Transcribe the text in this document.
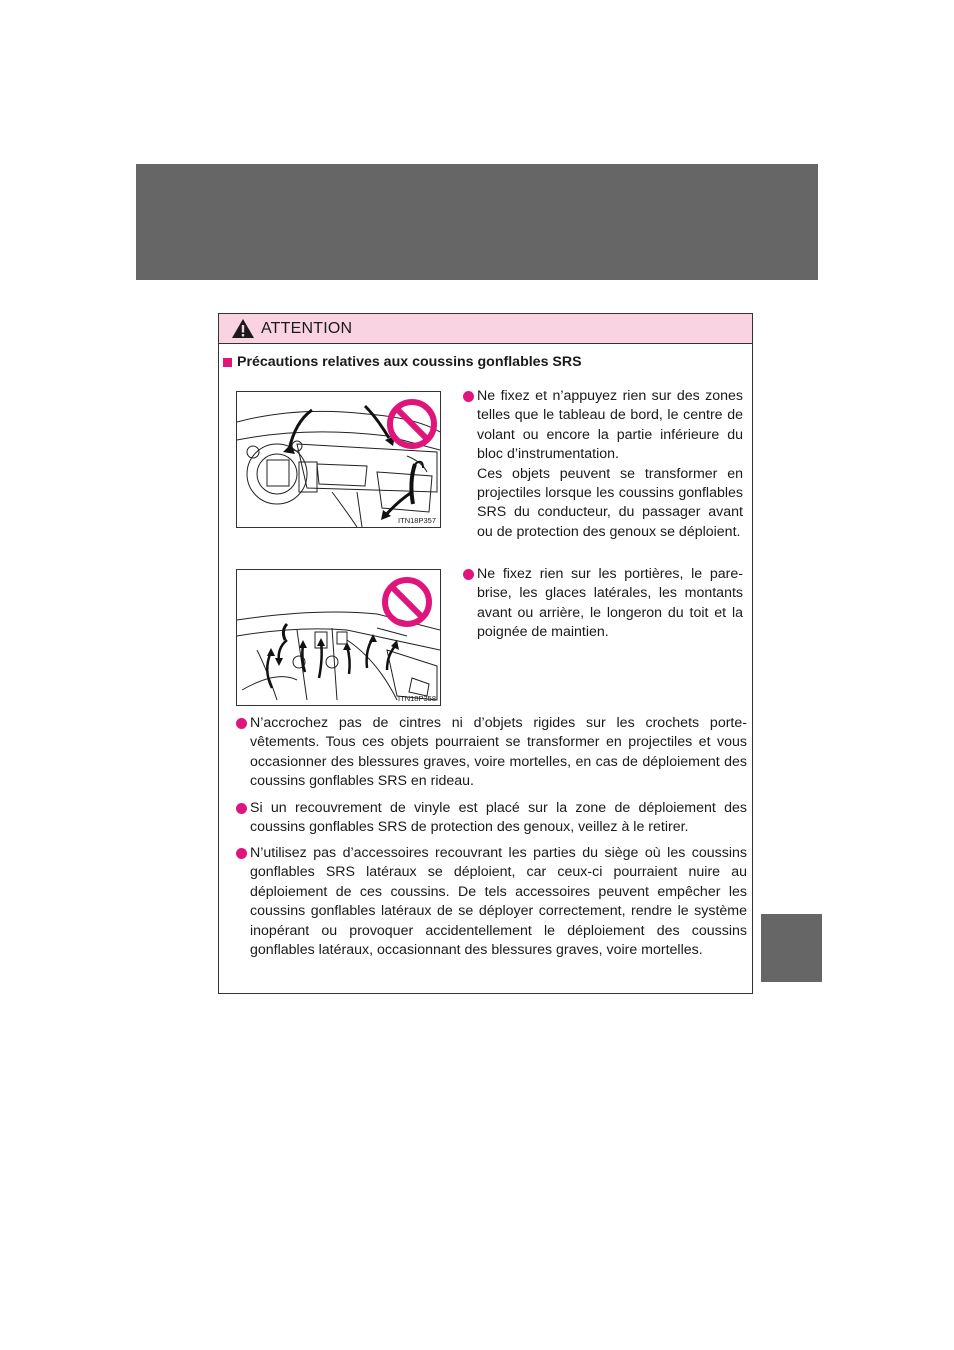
ATTENTION
Précautions relatives aux coussins gonflables SRS
ITN18P357
ITN18P358
Ne fixez et n’appuyez rien sur des zones telles que le tableau de bord, le centre de volant ou encore la partie inférieure du bloc d’instrumentation.
Ces objets peuvent se transformer en projectiles lorsque les coussins gonflables SRS du conducteur, du passager avant ou de protection des genoux se déploient.
Ne fixez rien sur les portières, le pare-brise, les glaces latérales, les montants avant ou arrière, le longeron du toit et la poignée de maintien.
N’accrochez pas de cintres ni d’objets rigides sur les crochets porte-vêtements. Tous ces objets pourraient se transformer en projectiles et vous occasionner des blessures graves, voire mortelles, en cas de déploiement des coussins gonflables SRS en rideau.
Si un recouvrement de vinyle est placé sur la zone de déploiement des coussins gonflables SRS de protection des genoux, veillez à le retirer.
N’utilisez pas d’accessoires recouvrant les parties du siège où les coussins gonflables SRS latéraux se déploient, car ceux-ci pourraient nuire au déploiement de ces coussins. De tels accessoires peuvent empêcher les coussins gonflables latéraux de se déployer correctement, rendre le système inopérant ou provoquer accidentellement le déploiement des coussins gonflables latéraux, occasionnant des blessures graves, voire mortelles.
